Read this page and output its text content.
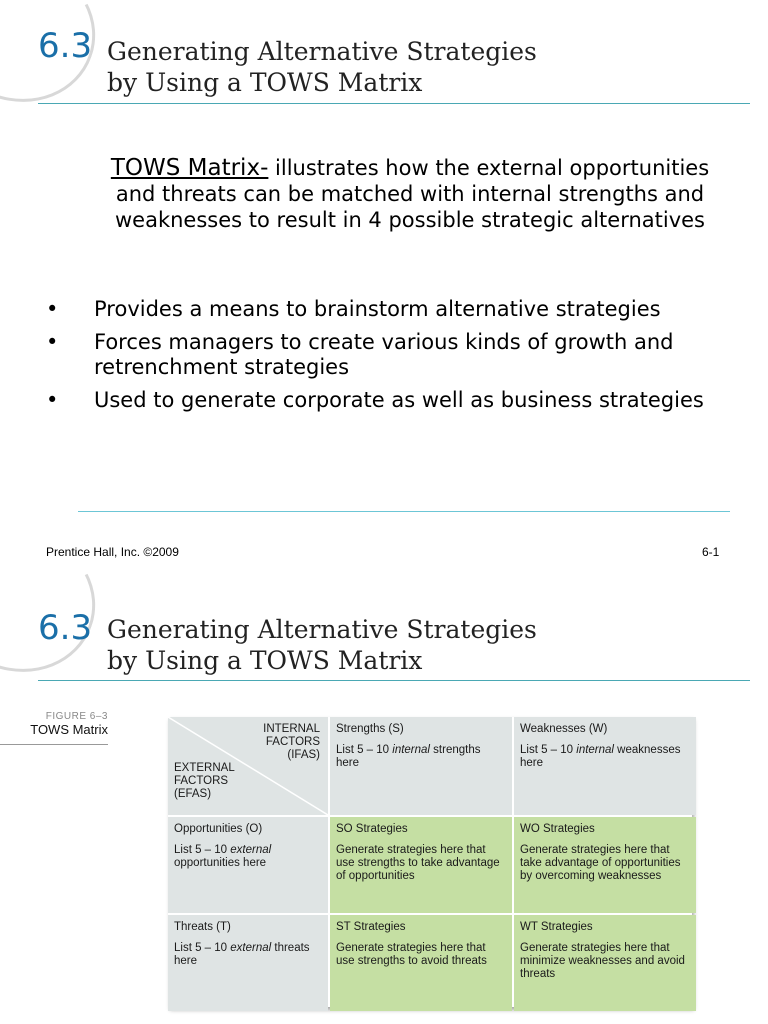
6.3 Generating Alternative Strategies
by Using a TOWS Matrix
TOWS Matrix- illustrates how the external opportunities and threats can be matched with internal strengths and weaknesses to result in 4 possible strategic alternatives
• Provides a means to brainstorm alternative strategies
• Forces managers to create various kinds of growth and retrenchment strategies
• Used to generate corporate as well as business strategies
Prentice Hall, Inc. ©2009	6-1
6.3 Generating Alternative Strategies
by Using a TOWS Matrix
FIGURE 6–3
TOWS Matrix	INTERNAL
FACTORS
(IFAS)
EXTERNAL
FACTORS
(EFAS)
Strengths (S)
List 5 – 10 internal strengths here
Weaknesses (W)
List 5 – 10 internal weaknesses here
Opportunities (O)
List 5 – 10 external opportunities here
SO Strategies
Generate strategies here that use strengths to take advantage of opportunities
WO Strategies
Generate strategies here that take advantage of opportunities by overcoming weaknesses
Threats (T)
List 5 – 10 external threats here
ST Strategies
Generate strategies here that use strengths to avoid threats
WT Strategies
Generate strategies here that minimize weaknesses and avoid threats
